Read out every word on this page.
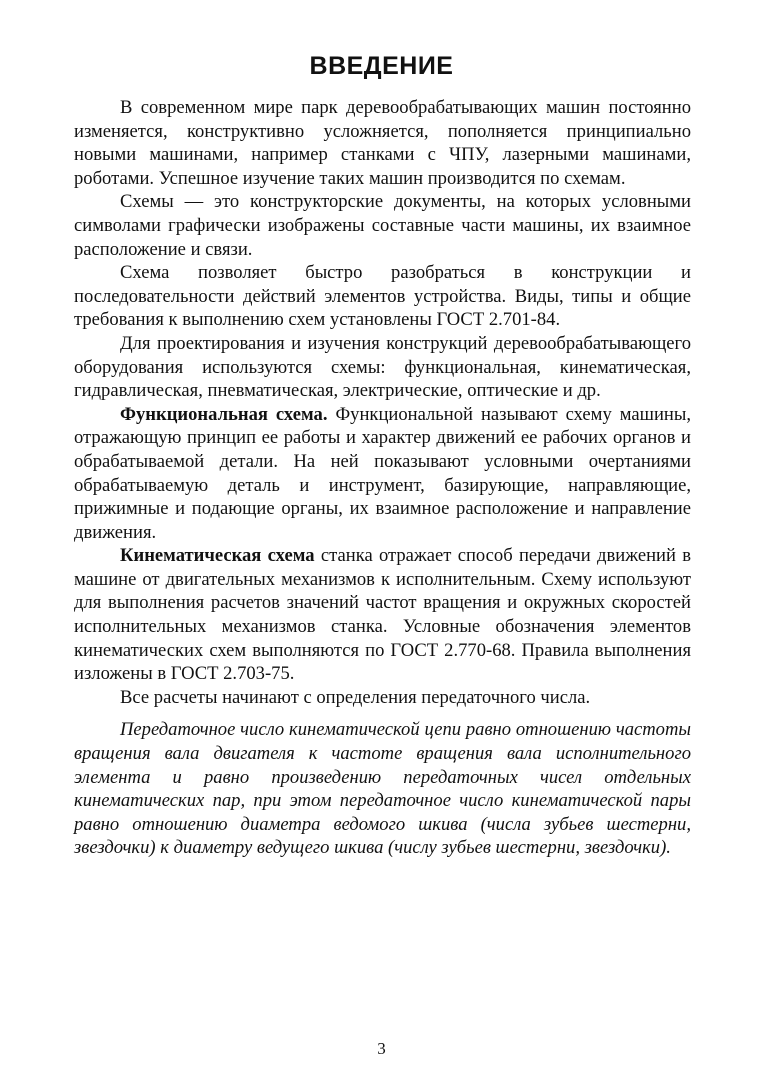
ВВЕДЕНИЕ

В современном мире парк деревообрабатывающих машин постоянно изменяется, конструктивно усложняется, пополняется принципиально новыми машинами, например станками с ЧПУ, лазерными машинами, роботами. Успешное изучение таких машин производится по схемам.

Схемы — это конструкторские документы, на которых условными символами графически изображены составные части машины, их взаимное расположение и связи.

Схема позволяет быстро разобраться в конструкции и последовательности действий элементов устройства. Виды, типы и общие требования к выполнению схем установлены ГОСТ 2.701-84.

Для проектирования и изучения конструкций деревообрабатывающего оборудования используются схемы: функциональная, кинематическая, гидравлическая, пневматическая, электрические, оптические и др.

Функциональная схема. Функциональной называют схему машины, отражающую принцип ее работы и характер движений ее рабочих органов и обрабатываемой детали. На ней показывают условными очертаниями обрабатываемую деталь и инструмент, базирующие, направляющие, прижимные и подающие органы, их взаимное расположение и направление движения.

Кинематическая схема станка отражает способ передачи движений в машине от двигательных механизмов к исполнительным. Схему используют для выполнения расчетов значений частот вращения и окружных скоростей исполнительных механизмов станка. Условные обозначения элементов кинематических схем выполняются по ГОСТ 2.770-68. Правила выполнения изложены в ГОСТ 2.703-75.

Все расчеты начинают с определения передаточного числа.

Передаточное число кинематической цепи равно отношению частоты вращения вала двигателя к частоте вращения вала исполнительного элемента и равно произведению передаточных чисел отдельных кинематических пар, при этом передаточное число кинематической пары равно отношению диаметра ведомого шкива (числа зубьев шестерни, звездочки) к диаметру ведущего шкива (числу зубьев шестерни, звездочки).

3
